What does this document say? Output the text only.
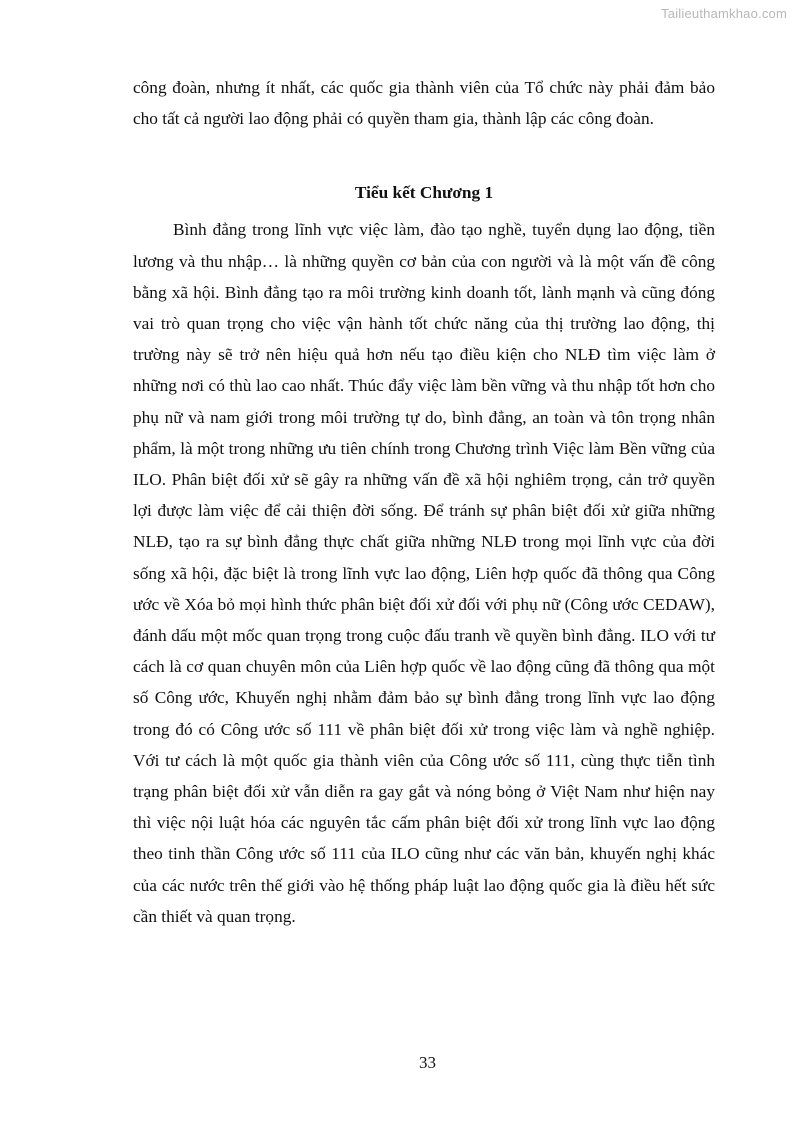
Tailieuthamkhao.com

công đoàn, nhưng ít nhất, các quốc gia thành viên của Tổ chức này phải đảm bảo cho tất cả người lao động phải có quyền tham gia, thành lập các công đoàn.

Tiểu kết Chương 1

Bình đẳng trong lĩnh vực việc làm, đào tạo nghề, tuyển dụng lao động, tiền lương và thu nhập… là những quyền cơ bản của con người và là một vấn đề công bằng xã hội. Bình đẳng tạo ra môi trường kinh doanh tốt, lành mạnh và cũng đóng vai trò quan trọng cho việc vận hành tốt chức năng của thị trường lao động, thị trường này sẽ trở nên hiệu quả hơn nếu tạo điều kiện cho NLĐ tìm việc làm ở những nơi có thù lao cao nhất. Thúc đẩy việc làm bền vững và thu nhập tốt hơn cho phụ nữ và nam giới trong môi trường tự do, bình đẳng, an toàn và tôn trọng nhân phẩm, là một trong những ưu tiên chính trong Chương trình Việc làm Bền vững của ILO. Phân biệt đối xử sẽ gây ra những vấn đề xã hội nghiêm trọng, cản trở quyền lợi được làm việc để cải thiện đời sống. Để tránh sự phân biệt đối xử giữa những NLĐ, tạo ra sự bình đẳng thực chất giữa những NLĐ trong mọi lĩnh vực của đời sống xã hội, đặc biệt là trong lĩnh vực lao động, Liên hợp quốc đã thông qua Công ước về Xóa bỏ mọi hình thức phân biệt đối xử đối với phụ nữ (Công ước CEDAW), đánh dấu một mốc quan trọng trong cuộc đấu tranh về quyền bình đẳng. ILO với tư cách là cơ quan chuyên môn của Liên hợp quốc về lao động cũng đã thông qua một số Công ước, Khuyến nghị nhằm đảm bảo sự bình đẳng trong lĩnh vực lao động trong đó có Công ước số 111 về phân biệt đối xử trong việc làm và nghề nghiệp. Với tư cách là một quốc gia thành viên của Công ước số 111, cùng thực tiễn tình trạng phân biệt đối xử vẫn diễn ra gay gắt và nóng bỏng ở Việt Nam như hiện nay thì việc nội luật hóa các nguyên tắc cấm phân biệt đối xử trong lĩnh vực lao động theo tinh thần Công ước số 111 của ILO cũng như các văn bản, khuyến nghị khác của các nước trên thế giới vào hệ thống pháp luật lao động quốc gia là điều hết sức cần thiết và quan trọng.

33
